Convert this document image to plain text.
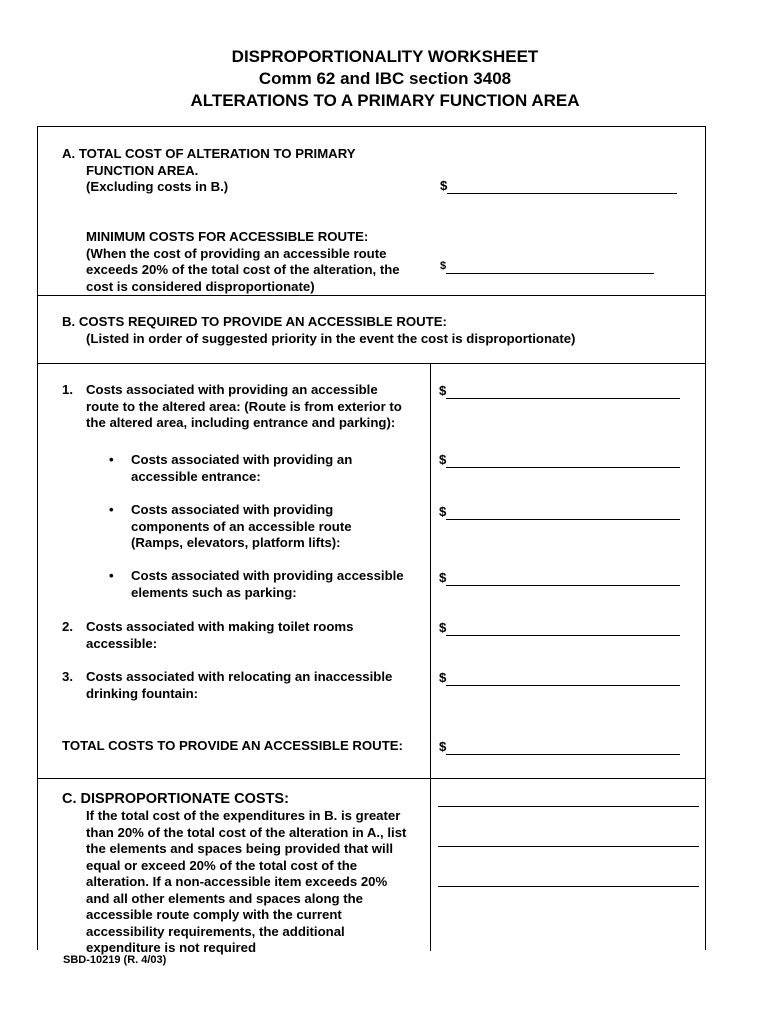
DISPROPORTIONALITY WORKSHEET
Comm 62 and IBC section 3408
ALTERATIONS TO A PRIMARY FUNCTION AREA
A. TOTAL COST OF ALTERATION TO PRIMARY
FUNCTION AREA.
(Excluding costs in B.)	$
MINIMUM COSTS FOR ACCESSIBLE ROUTE:
(When the cost of providing an accessible route
exceeds 20% of the total cost of the alteration, the
cost is considered disproportionate)
$
B. COSTS REQUIRED TO PROVIDE AN ACCESSIBLE ROUTE:
(Listed in order of suggested priority in the event the cost is disproportionate)
1. Costs associated with providing an accessible
route to the altered area: (Route is from exterior to
the altered area, including entrance and parking):
$
• Costs associated with providing an
accessible entrance:
$
• Costs associated with providing
components of an accessible route
(Ramps, elevators, platform lifts):
$
• Costs associated with providing accessible
elements such as parking:
$
2. Costs associated with making toilet rooms
accessible:
$
3. Costs associated with relocating an inaccessible
drinking fountain:
$
TOTAL COSTS TO PROVIDE AN ACCESSIBLE ROUTE:	$
C. DISPROPORTIONATE COSTS:
If the total cost of the expenditures in B. is greater
than 20% of the total cost of the alteration in A., list
the elements and spaces being provided that will
equal or exceed 20% of the total cost of the
alteration. If a non-accessible item exceeds 20%
and all other elements and spaces along the
accessible route comply with the current
accessibility requirements, the additional
expenditure is not required
SBD-10219 (R. 4/03)
